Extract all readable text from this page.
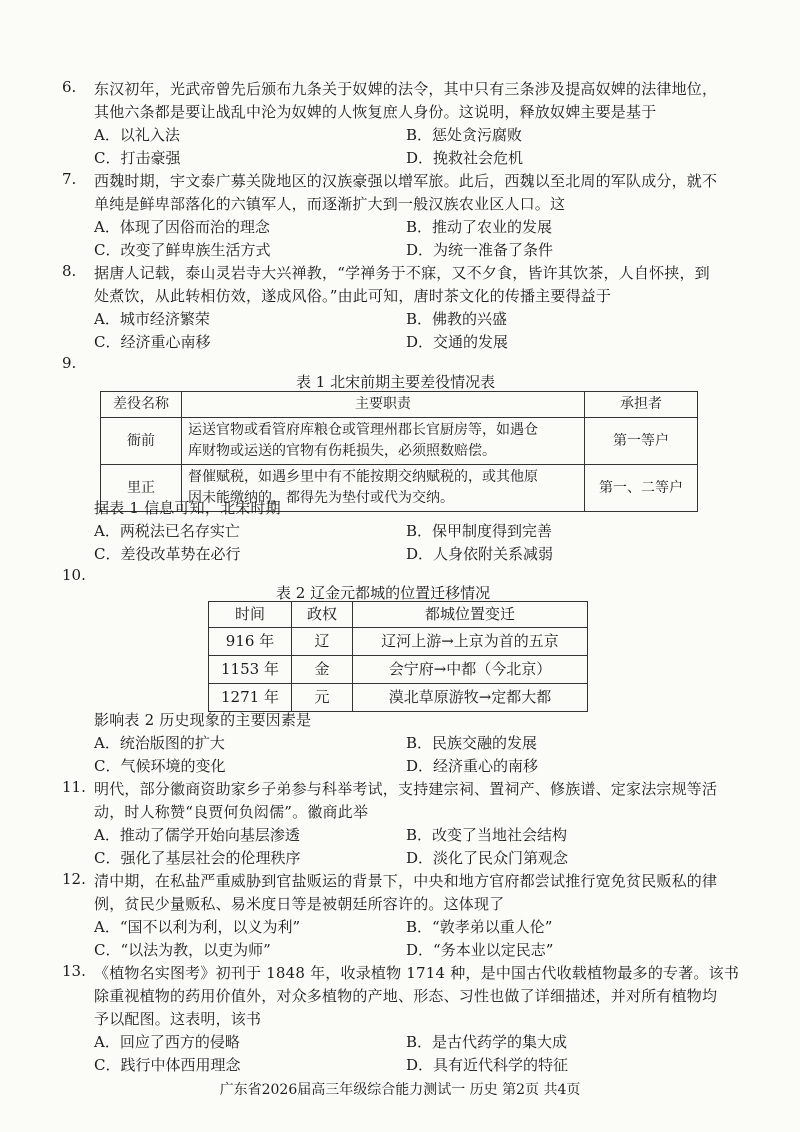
6. 东汉初年，光武帝曾先后颁布九条关于奴婢的法令，其中只有三条涉及提高奴婢的法律地位，
其他六条都是要让战乱中沦为奴婢的人恢复庶人身份。这说明，释放奴婢主要是基于
A．以礼入法	B．惩处贪污腐败
C．打击豪强	D．挽救社会危机
7. 西魏时期，宇文泰广募关陇地区的汉族豪强以增军旅。此后，西魏以至北周的军队成分，就不
单纯是鲜卑部落化的六镇军人，而逐渐扩大到一般汉族农业区人口。这
A．体现了因俗而治的理念	B．推动了农业的发展
C．改变了鲜卑族生活方式	D．为统一准备了条件
8. 据唐人记载，泰山灵岩寺大兴禅教，“学禅务于不寐，又不夕食，皆许其饮茶，人自怀挟，到
处煮饮，从此转相仿效，遂成风俗。”由此可知，唐时茶文化的传播主要得益于
A．城市经济繁荣	B．佛教的兴盛
C．经济重心南移	D．交通的发展
9.
表 1 北宋前期主要差役情况表
差役名称	主要职责	承担者
衙前	运送官物或看管府库粮仓或管理州郡长官厨房等，如遇仓
库财物或运送的官物有伤耗损失，必须照数赔偿。	第一等户
里正	督催赋税，如遇乡里中有不能按期交纳赋税的，或其他原
因未能缴纳的，都得先为垫付或代为交纳。	第一、二等户
据表 1 信息可知，北宋时期
A．两税法已名存实亡	B．保甲制度得到完善
C．差役改革势在必行	D．人身依附关系减弱
10.
表 2 辽金元都城的位置迁移情况
时间	政权	都城位置变迁
916 年	辽	辽河上游→上京为首的五京
1153 年	金	会宁府→中都（今北京）
1271 年	元	漠北草原游牧→定都大都
影响表 2 历史现象的主要因素是
A．统治版图的扩大	B．民族交融的发展
C．气候环境的变化	D．经济重心的南移
11. 明代，部分徽商资助家乡子弟参与科举考试，支持建宗祠、置祠产、修族谱、定家法宗规等活
动，时人称赞“良贾何负闳儒”。徽商此举
A．推动了儒学开始向基层渗透	B．改变了当地社会结构
C．强化了基层社会的伦理秩序	D．淡化了民众门第观念
12. 清中期，在私盐严重威胁到官盐贩运的背景下，中央和地方官府都尝试推行宽免贫民贩私的律
例，贫民少量贩私、易米度日等是被朝廷所容许的。这体现了
A．“国不以利为利，以义为利”	B．“敦孝弟以重人伦”
C．“以法为教，以吏为师”	D．“务本业以定民志”
13. 《植物名实图考》初刊于 1848 年，收录植物 1714 种，是中国古代收载植物最多的专著。该书
除重视植物的药用价值外，对众多植物的产地、形态、习性也做了详细描述，并对所有植物均
予以配图。这表明，该书
A．回应了西方的侵略	B．是古代药学的集大成
C．践行中体西用理念	D．具有近代科学的特征
广东省2026届高三年级综合能力测试一 历史 第2页 共4页
